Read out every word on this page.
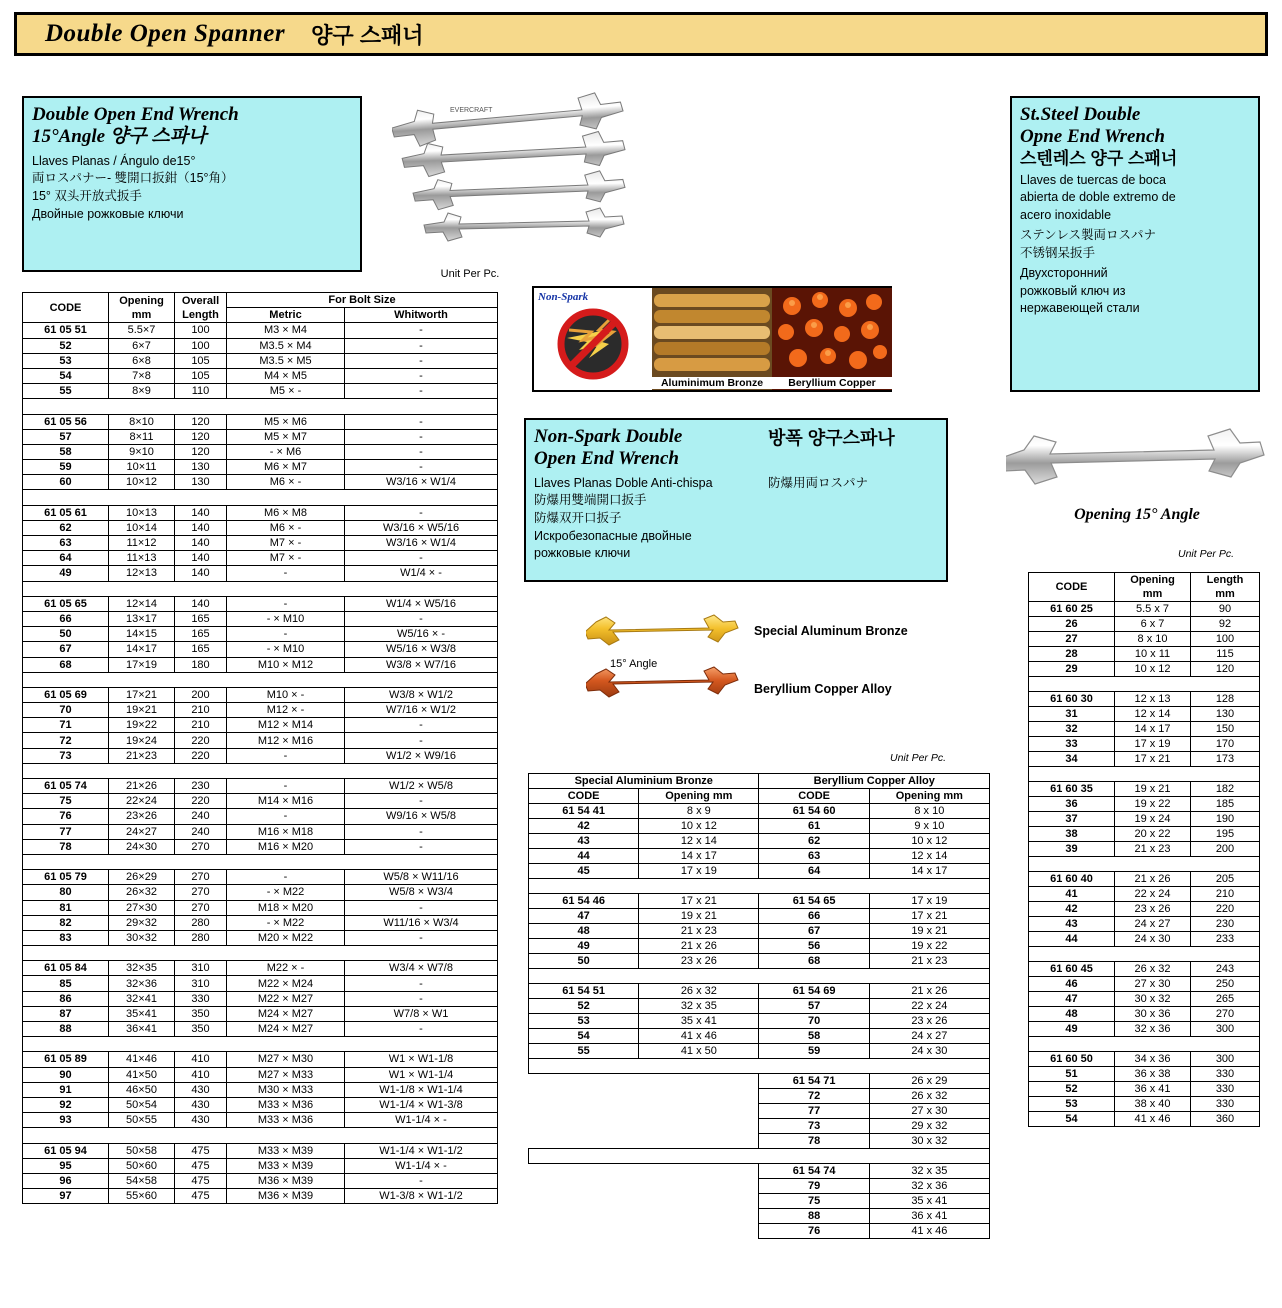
Double Open Spanner 양구 스패너
Double Open End Wrench
15°Angle 양구 스파나
Llaves Planas / Ángulo de15°
両ロスパナー- 雙開口扳鉗（15°角）
15° 双头开放式扳手
Двойные рожковые ключи
St.Steel Double
Opne End Wrench
스텐레스 양구 스패너
Llaves de tuercas de boca
abierta de doble extremo de
acero inoxidable
ステンレス製両ロスパナ
不锈钢呆扳手
Двухсторонний
рожковый ключ из
нержавеющей стали
Non-Spark Double
Open End Wrench
방폭 양구스파나
Llaves Planas Doble Anti-chispa
防爆用雙端開口扳手
防爆双开口扳子
Искробезопасные двойные
рожковые ключи
防爆用両ロスパナ
EVERCRAFT
Unit Per Pc.
Non-Spark
Aluminimum Bronze	Beryllium Copper
Special Aluminum Bronze
Beryllium Copper Alloy
15° Angle
Unit Per Pc.
Opening 15° Angle
Unit Per Pc.
CODE	
Opening
mm

Overall
Length
	For Bolt Size
			Metric	Whitworth
61 05 51	5.5×7	100	M3 × M4	-
52	6×7	100	M3.5 × M4	-
53	6×8	105	M3.5 × M5	-
54	7×8	105	M4 × M5	-
55	8×9	110	M5 × -	-

61 05 56	8×10	120	M5 × M6	-
57	8×11	120	M5 × M7	-
58	9×10	120	- × M6	-
59	10×11	130	M6 × M7	-
60	10×12	130	M6 × -	W3/16 × W1/4

61 05 61	10×13	140	M6 × M8	-
62	10×14	140	M6 × -	W3/16 × W5/16
63	11×12	140	M7 × -	W3/16 × W1/4
64	11×13	140	M7 × -	-
49	12×13	140	-	W1/4 × -

61 05 65	12×14	140	-	W1/4 × W5/16
66	13×17	165	- × M10	-
50	14×15	165	-	W5/16 × -
67	14×17	165	- × M10	W5/16 × W3/8
68	17×19	180	M10 × M12	W3/8 × W7/16

61 05 69	17×21	200	M10 × -	W3/8 × W1/2
70	19×21	210	M12 × -	W7/16 × W1/2
71	19×22	210	M12 × M14	-
72	19×24	220	M12 × M16	-
73	21×23	220	-	W1/2 × W9/16

61 05 74	21×26	230	-	W1/2 × W5/8
75	22×24	220	M14 × M16	-
76	23×26	240	-	W9/16 × W5/8
77	24×27	240	M16 × M18	-
78	24×30	270	M16 × M20	-

61 05 79	26×29	270	-	W5/8 × W11/16
80	26×32	270	- × M22	W5/8 × W3/4
81	27×30	270	M18 × M20	-
82	29×32	280	- × M22	W11/16 × W3/4
83	30×32	280	M20 × M22	-

61 05 84	32×35	310	M22 × -	W3/4 × W7/8
85	32×36	310	M22 × M24	-
86	32×41	330	M22 × M27	-
87	35×41	350	M24 × M27	W7/8 × W1
88	36×41	350	M24 × M27	-

61 05 89	41×46	410	M27 × M30	W1 × W1-1/8
90	41×50	410	M27 × M33	W1 × W1-1/4
91	46×50	430	M30 × M33	W1-1/8 × W1-1/4
92	50×54	430	M33 × M36	W1-1/4 × W1-3/8
93	50×55	430	M33 × M36	W1-1/4 × -

61 05 94	50×58	475	M33 × M39	W1-1/4 × W1-1/2
95	50×60	475	M33 × M39	W1-1/4 × -
96	54×58	475	M36 × M39	-
97	55×60	475	M36 × M39	W1-3/8 × W1-1/2
Special Aluminium Bronze		Beryllium Copper Alloy	
CODE	Opening mm	CODE	Opening mm
61 54 41	8 x 9	61 54 60	8 x 10
42	10 x 12	61	9 x 10
43	12 x 14	62	10 x 12
44	14 x 17	63	12 x 14
45	17 x 19	64	14 x 17

61 54 46	17 x 21	61 54 65	17 x 19
47	19 x 21	66	17 x 21
48	21 x 23	67	19 x 21
49	21 x 26	56	19 x 22
50	23 x 26	68	21 x 23

61 54 51	26 x 32	61 54 69	21 x 26
52	32 x 35	57	22 x 24
53	35 x 41	70	23 x 26
54	41 x 46	58	24 x 27
55	41 x 50	59	24 x 30

		61 54 71	26 x 29
		72	26 x 32
		77	27 x 30
		73	29 x 32
		78	30 x 32

		61 54 74	32 x 35
		79	32 x 36
		75	35 x 41
		88	36 x 41
		76	41 x 46
CODE	
Opening
mm

Length
mm

61 60 25	5.5 x 7	90
26	6 x 7	92
27	8 x 10	100
28	10 x 11	115
29	10 x 12	120

61 60 30	12 x 13	128
31	12 x 14	130
32	14 x 17	150
33	17 x 19	170
34	17 x 21	173

61 60 35	19 x 21	182
36	19 x 22	185
37	19 x 24	190
38	20 x 22	195
39	21 x 23	200

61 60 40	21 x 26	205
41	22 x 24	210
42	23 x 26	220
43	24 x 27	230
44	24 x 30	233

61 60 45	26 x 32	243
46	27 x 30	250
47	30 x 32	265
48	30 x 36	270
49	32 x 36	300

61 60 50	34 x 36	300
51	36 x 38	330
52	36 x 41	330
53	38 x 40	330
54	41 x 46	360
